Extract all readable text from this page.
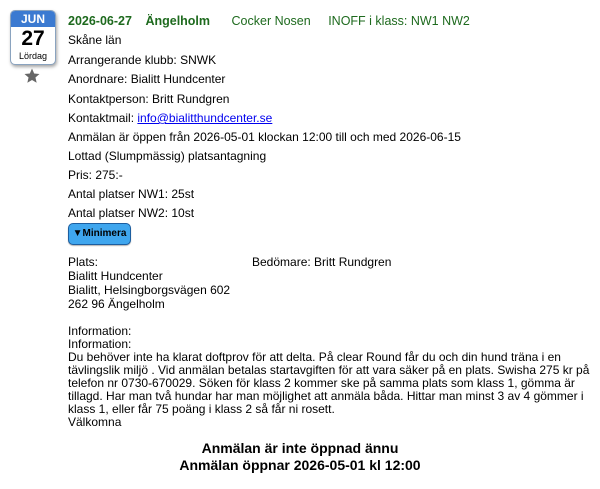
JUN
27
Lördag
2026-06-27 Ängelholm Cocker Nosen INOFF i klass: NW1 NW2
Skåne län
Arrangerande klubb: SNWK
Anordnare: Bialitt Hundcenter
Kontaktperson: Britt Rundgren
Kontaktmail: info@bialitthundcenter.se
Anmälan är öppen från 2026-05-01 klockan 12:00 till och med 2026-06-15
Lottad (Slumpmässig) platsantagning
Pris: 275:-
Antal platser NW1: 25st
Antal platser NW2: 10st
▼Minimera
Plats:
Bialitt Hundcenter
Bialitt, Helsingborgsvägen 602
262 96 Ängelholm
Bedömare: Britt Rundgren

Information:

Information:

Du behöver inte ha klarat doftprov för att delta. På clear Round får du och din hund träna i en tävlingslik miljö . Vid anmälan betalas startavgiften för att vara säker på en plats. Swisha 275 kr på telefon nr 0730-670029. Söken för klass 2 kommer ske på samma plats som klass 1, gömma är tillagd. Har man två hundar har man möjlighet att anmäla båda. Hittar man minst 3 av 4 gömmer i klass 1, eller får 75 poäng i klass 2 så får ni rosett.

Välkomna

Anmälan är inte öppnad ännu
Anmälan öppnar 2026-05-01 kl 12:00
